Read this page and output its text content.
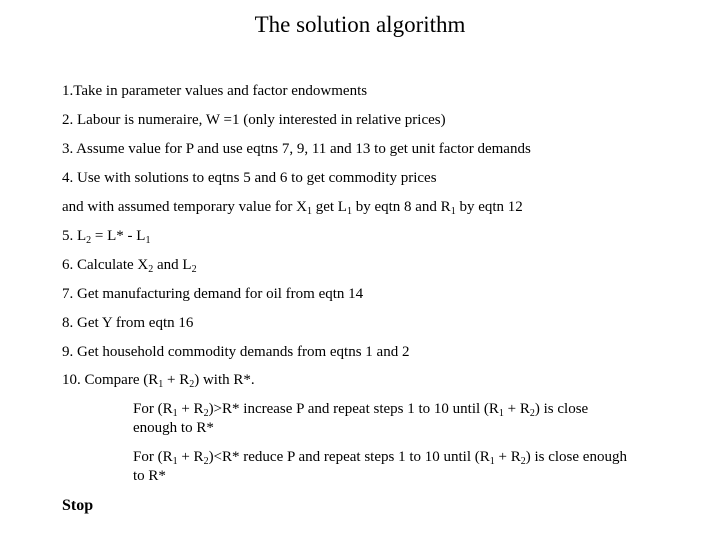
The solution algorithm
1.Take in parameter values and factor endowments
2. Labour is numeraire, W =1 (only interested in relative prices)
3. Assume value for P and use eqtns 7, 9, 11 and 13 to get unit factor demands
4. Use with solutions to eqtns 5 and 6 to get commodity prices
and with assumed temporary value for $X_1$ get $L_1$ by eqtn 8 and $R_1$ by eqtn 12
5. $L_2 = L* - L_1$
6. Calculate $X_2$ and $L_2$
7. Get manufacturing demand for oil from eqtn 14
8. Get Y from eqtn 16
9. Get household commodity demands from eqtns 1 and 2
10. Compare $(R_1 + R_2)$ with R*.
For $(R_1 + R_2)>R*$ increase P and repeat steps 1 to 10 until $(R_1 + R_2)$ is close enough to R*
For $(R_1 + R_2)<R*$ reduce P and repeat steps 1 to 10 until $(R_1 + R_2)$ is close enough to R*
Stop
